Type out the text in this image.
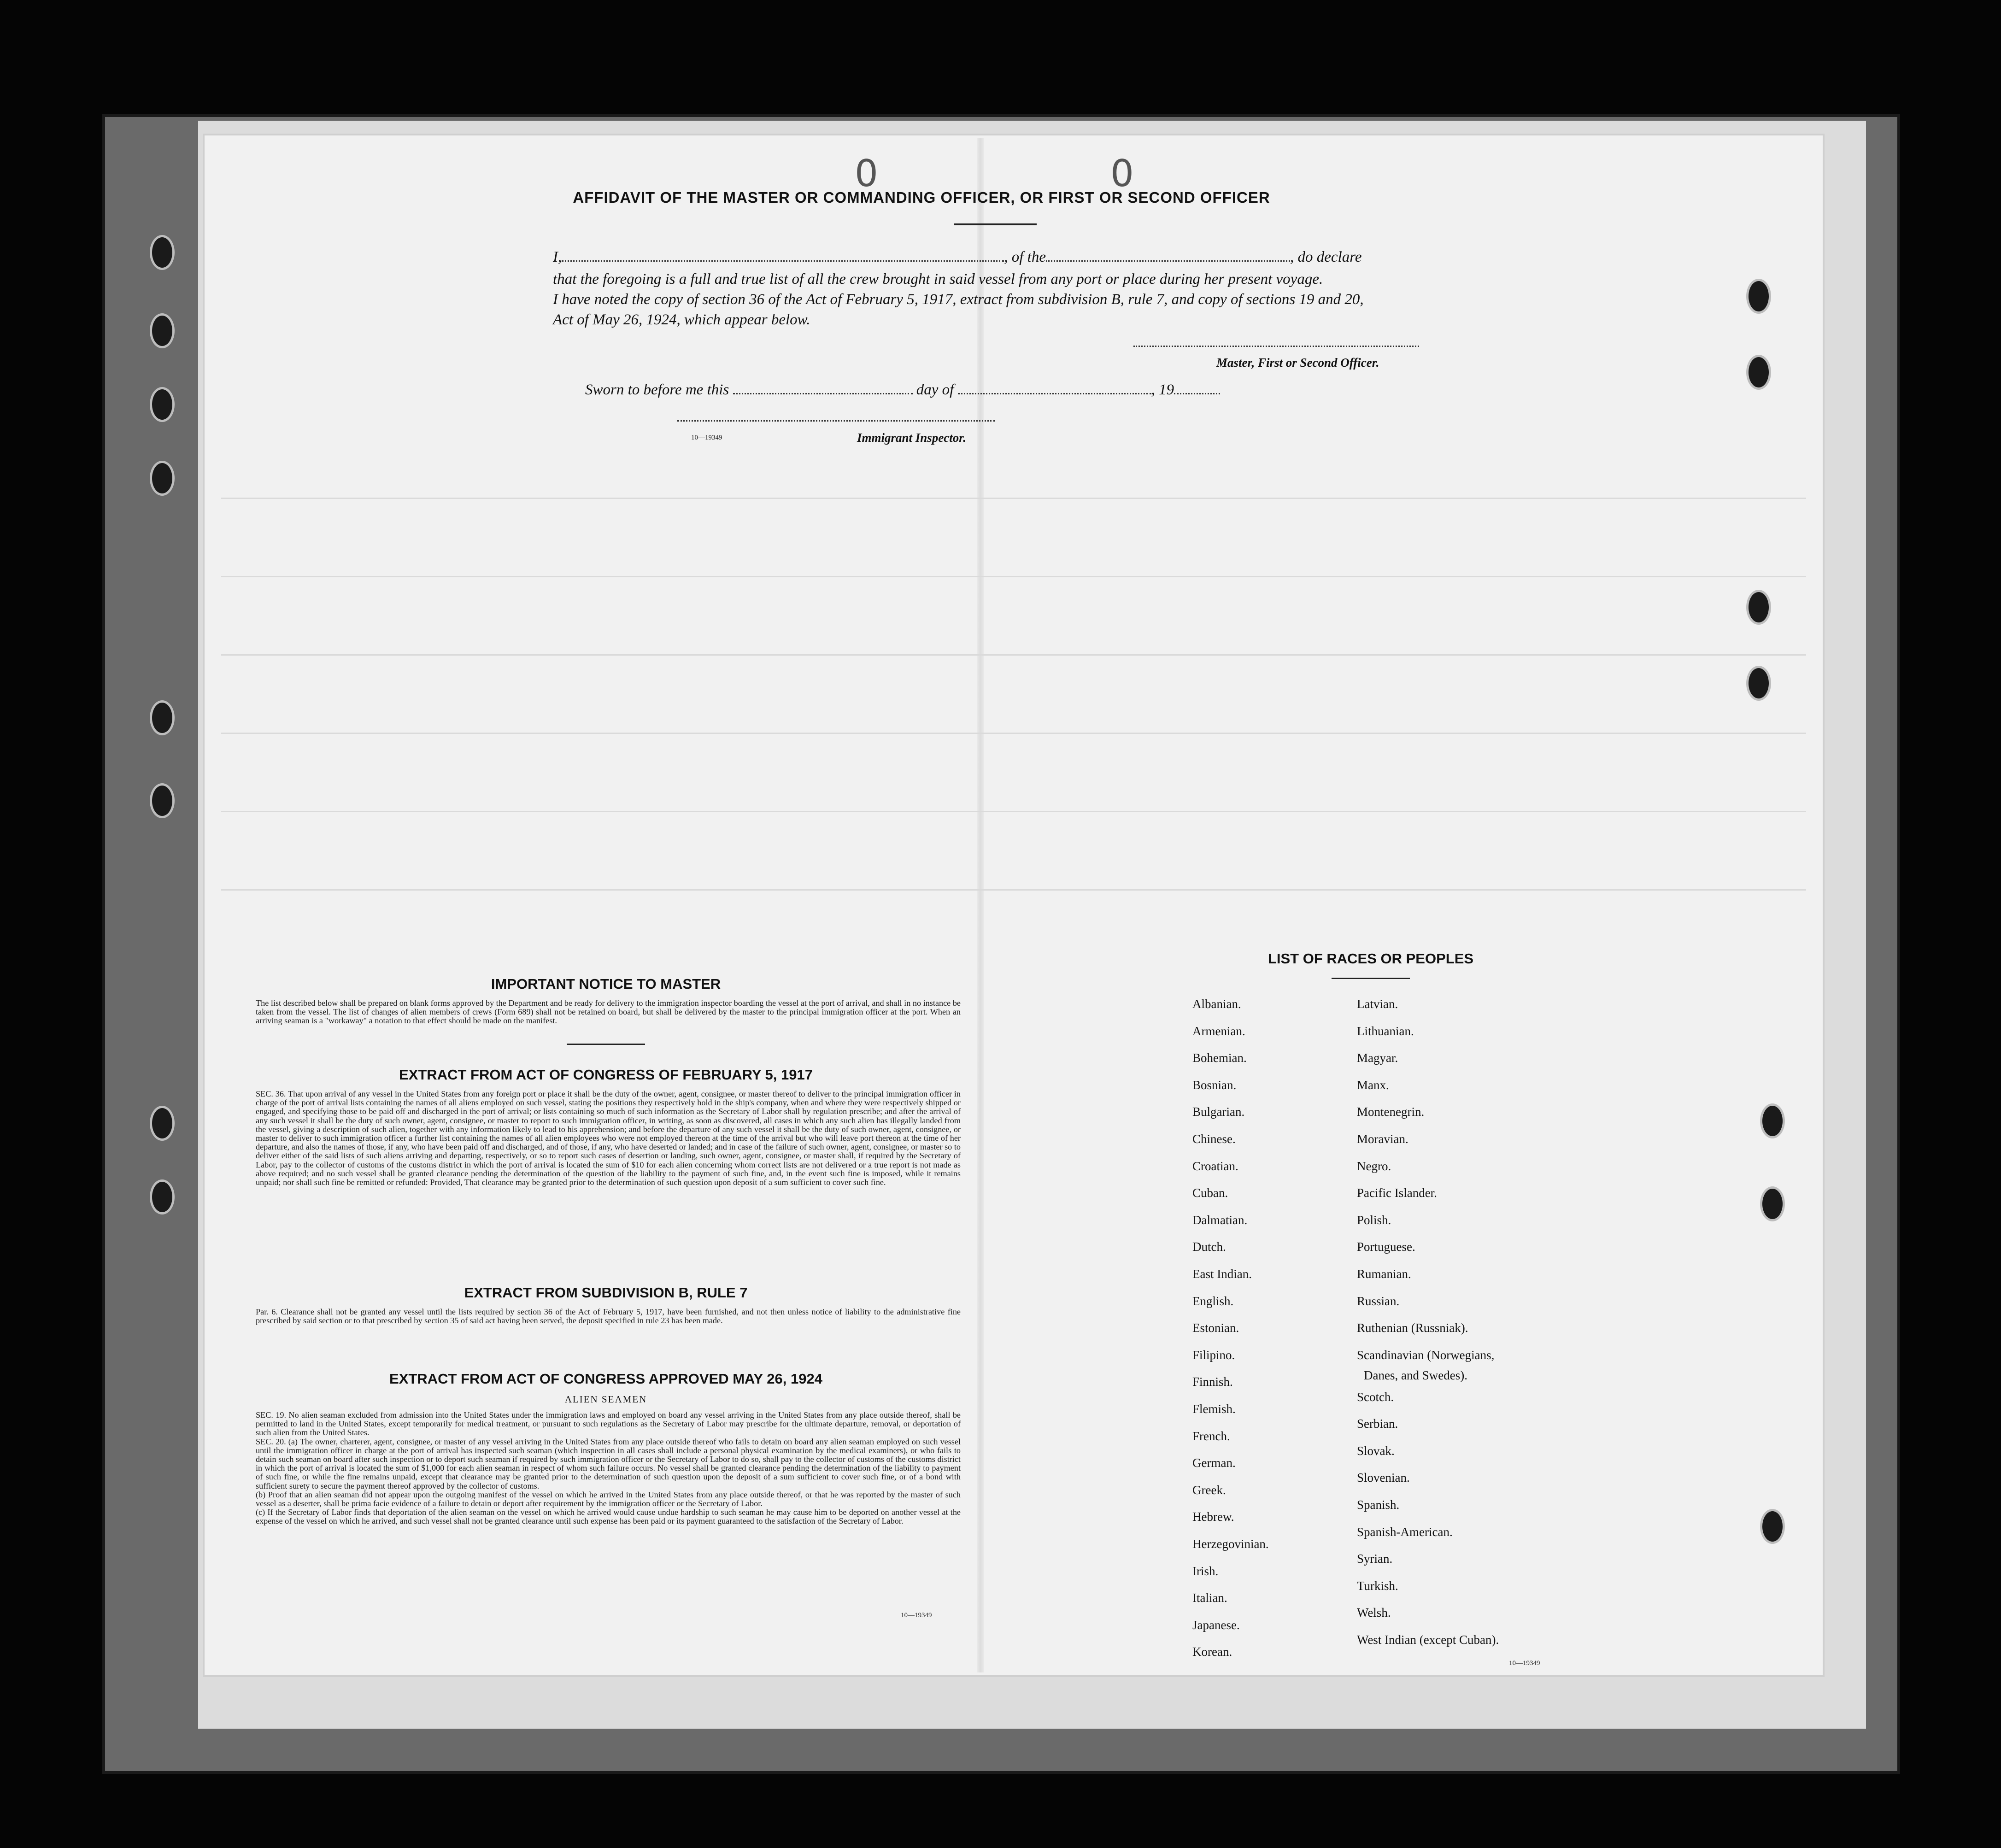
0	0
AFFIDAVIT OF THE MASTER OR COMMANDING OFFICER, OR FIRST OR SECOND OFFICER
I,	, of the	, do declare
that the foregoing is a full and true list of all the crew brought in said vessel from any port or place during her present voyage.
I have noted the copy of section 36 of the Act of February 5, 1917, extract from subdivision B, rule 7, and copy of sections 19 and 20,
Act of May 26, 1924, which appear below.
Master, First or Second Officer.
Sworn to before me this	day of	, 19
10—19349	Immigrant Inspector.
IMPORTANT NOTICE TO MASTER
The list described below shall be prepared on blank forms approved by the Department and be ready for delivery to the immigration inspector boarding the vessel at the port of arrival, and shall in no instance be taken from the vessel. The list of changes of alien members of crews (Form 689) shall not be retained on board, but shall be delivered by the master to the principal immigration officer at the port. When an arriving seaman is a "workaway" a notation to that effect should be made on the manifest.
EXTRACT FROM ACT OF CONGRESS OF FEBRUARY 5, 1917
SEC. 36. That upon arrival of any vessel in the United States from any foreign port or place it shall be the duty of the owner, agent, consignee, or master thereof to deliver to the principal immigration officer in charge of the port of arrival lists containing the names of all aliens employed on such vessel, stating the positions they respectively hold in the ship's company, when and where they were respectively shipped or engaged, and specifying those to be paid off and discharged in the port of arrival; or lists containing so much of such information as the Secretary of Labor shall by regulation prescribe; and after the arrival of any such vessel it shall be the duty of such owner, agent, consignee, or master to report to such immigration officer, in writing, as soon as discovered, all cases in which any such alien has illegally landed from the vessel, giving a description of such alien, together with any information likely to lead to his apprehension; and before the departure of any such vessel it shall be the duty of such owner, agent, consignee, or master to deliver to such immigration officer a further list containing the names of all alien employees who were not employed thereon at the time of the arrival but who will leave port thereon at the time of her departure, and also the names of those, if any, who have been paid off and discharged, and of those, if any, who have deserted or landed; and in case of the failure of such owner, agent, consignee, or master so to deliver either of the said lists of such aliens arriving and departing, respectively, or so to report such cases of desertion or landing, such owner, agent, consignee, or master shall, if required by the Secretary of Labor, pay to the collector of customs of the customs district in which the port of arrival is located the sum of $10 for each alien concerning whom correct lists are not delivered or a true report is not made as above required; and no such vessel shall be granted clearance pending the determination of the question of the liability to the payment of such fine, and, in the event such fine is imposed, while it remains unpaid; nor shall such fine be remitted or refunded: Provided, That clearance may be granted prior to the determination of such question upon deposit of a sum sufficient to cover such fine.
EXTRACT FROM SUBDIVISION B, RULE 7
Par. 6. Clearance shall not be granted any vessel until the lists required by section 36 of the Act of February 5, 1917, have been furnished, and not then unless notice of liability to the administrative fine prescribed by said section or to that prescribed by section 35 of said act having been served, the deposit specified in rule 23 has been made.
EXTRACT FROM ACT OF CONGRESS APPROVED MAY 26, 1924
ALIEN SEAMEN
SEC. 19. No alien seaman excluded from admission into the United States under the immigration laws and employed on board any vessel arriving in the United States from any place outside thereof, shall be permitted to land in the United States, except temporarily for medical treatment, or pursuant to such regulations as the Secretary of Labor may prescribe for the ultimate departure, removal, or deportation of such alien from the United States.
SEC. 20. (a) The owner, charterer, agent, consignee, or master of any vessel arriving in the United States from any place outside thereof who fails to detain on board any alien seaman employed on such vessel until the immigration officer in charge at the port of arrival has inspected such seaman (which inspection in all cases shall include a personal physical examination by the medical examiners), or who fails to detain such seaman on board after such inspection or to deport such seaman if required by such immigration officer or the Secretary of Labor to do so, shall pay to the collector of customs of the customs district in which the port of arrival is located the sum of $1,000 for each alien seaman in respect of whom such failure occurs. No vessel shall be granted clearance pending the determination of the liability to payment of such fine, or while the fine remains unpaid, except that clearance may be granted prior to the determination of such question upon the deposit of a sum sufficient to cover such fine, or of a bond with sufficient surety to secure the payment thereof approved by the collector of customs.
(b) Proof that an alien seaman did not appear upon the outgoing manifest of the vessel on which he arrived in the United States from any place outside thereof, or that he was reported by the master of such vessel as a deserter, shall be prima facie evidence of a failure to detain or deport after requirement by the immigration officer or the Secretary of Labor.
(c) If the Secretary of Labor finds that deportation of the alien seaman on the vessel on which he arrived would cause undue hardship to such seaman he may cause him to be deported on another vessel at the expense of the vessel on which he arrived, and such vessel shall not be granted clearance until such expense has been paid or its payment guaranteed to the satisfaction of the Secretary of Labor.
10—19349
LIST OF RACES OR PEOPLES
Albanian.
Armenian.
Bohemian.
Bosnian.
Bulgarian.
Chinese.
Croatian.
Cuban.
Dalmatian.
Dutch.
East Indian.
English.
Estonian.
Filipino.
Finnish.
Flemish.
French.
German.
Greek.
Hebrew.
Herzegovinian.
Irish.
Italian.
Japanese.
Korean.
Latvian.
Lithuanian.
Magyar.
Manx.
Montenegrin.
Moravian.
Negro.
Pacific Islander.
Polish.
Portuguese.
Rumanian.
Russian.
Ruthenian (Russniak).
Scandinavian (Norwegians,
Scotch.
Serbian.
Slovak.
Slovenian.
Spanish.
Spanish-American.
Syrian.
Turkish.
Welsh.
West Indian (except Cuban).
Danes, and Swedes).
10—19349
